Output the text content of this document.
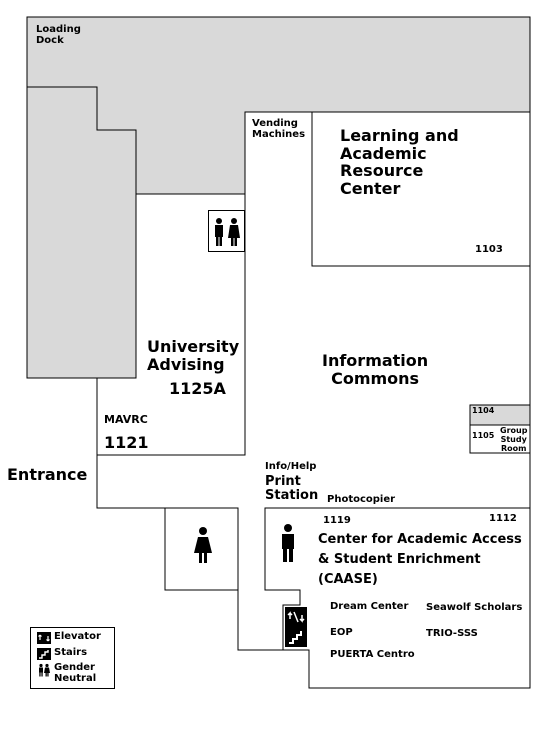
Loading
Dock
Vending
Machines Learning and
Academic
Resource
Center
1103
University
Advising
1125A
Information
Commons
MAVRC
1121
Entrance
1104
1105
Group
Study
Room
Info/Help
Print
Station Photocopier
1119	1112
Center for Academic Access
& Student Enrichment
(CAASE)
Dream Center Seawolf Scholars
EOP	TRIO-SSS
PUERTA Centro
Elevator
Stairs
Gender
Neutral
